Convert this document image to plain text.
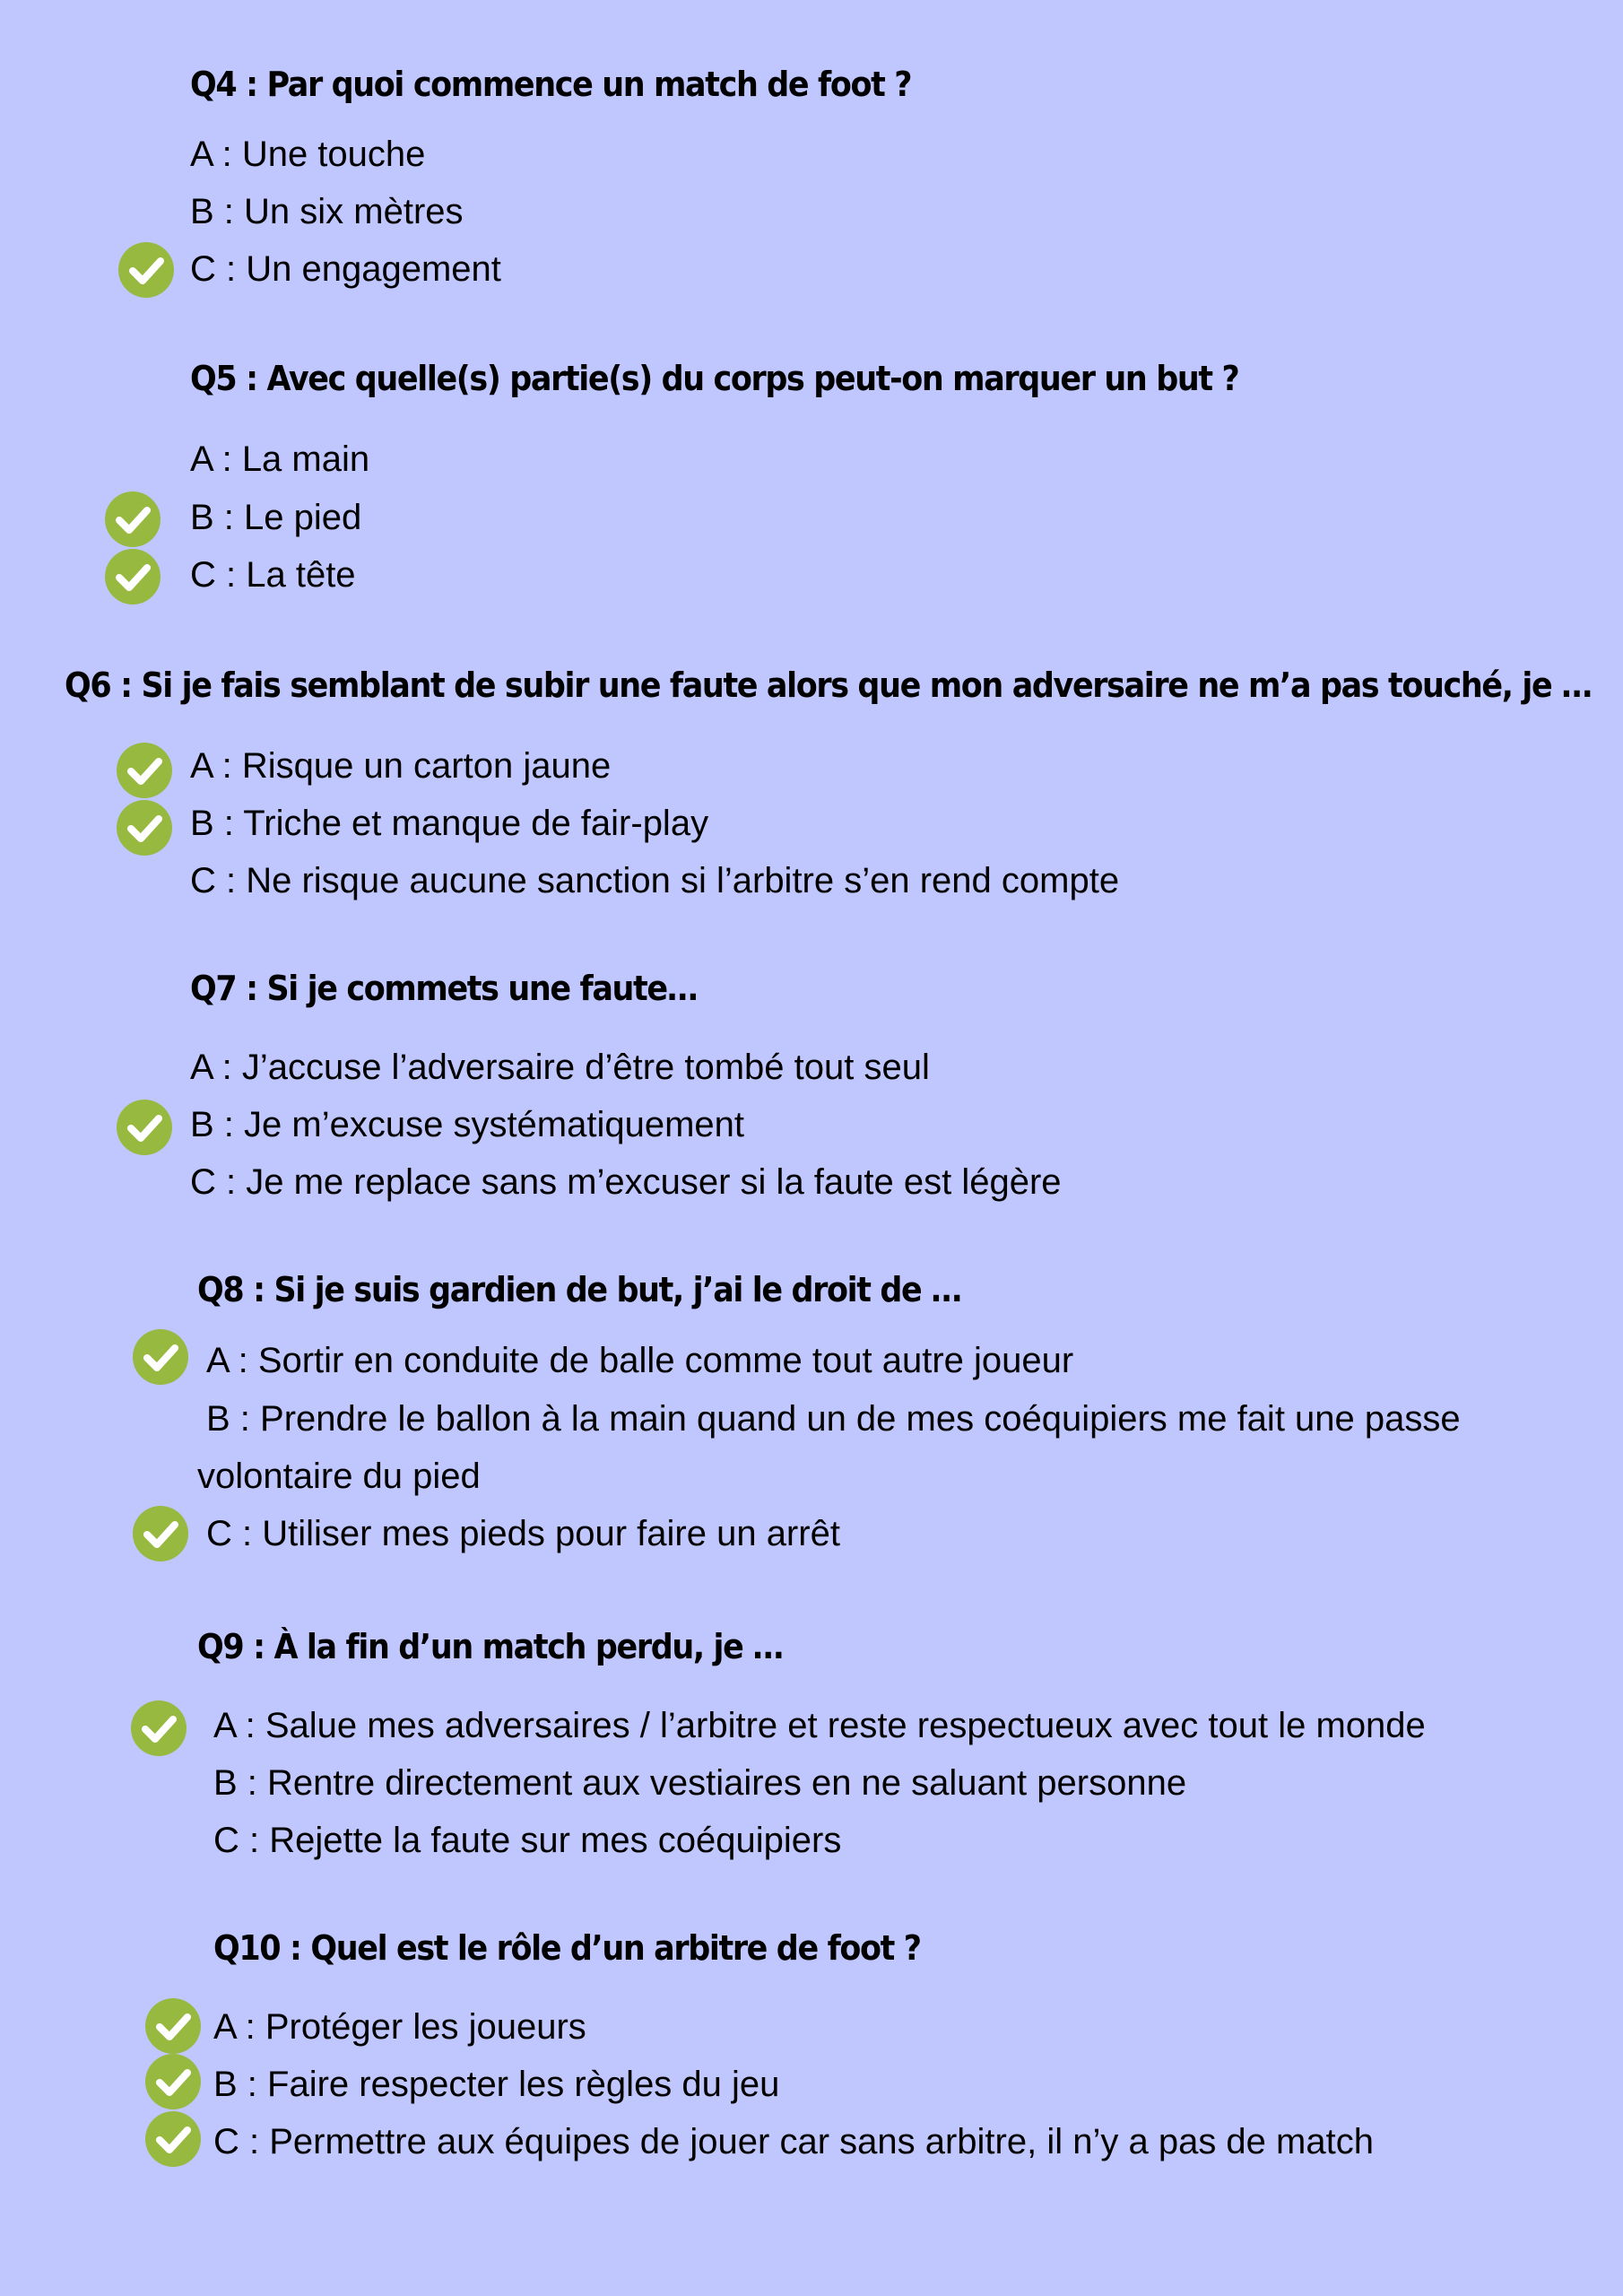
Q4 : Par quoi commence un match de foot ?
A : Une touche
B : Un six mètres
C : Un engagement
Q5 : Avec quelle(s) partie(s) du corps peut-on marquer un but ?
A : La main
B : Le pied
C : La tête
Q6 : Si je fais semblant de subir une faute alors que mon adversaire ne m’a pas touché, je …
A : Risque un carton jaune
B : Triche et manque de fair-play
C : Ne risque aucune sanction si l’arbitre s’en rend compte
Q7 : Si je commets une faute…
A : J’accuse l’adversaire d’être tombé tout seul
B : Je m’excuse systématiquement
C : Je me replace sans m’excuser si la faute est légère
Q8 : Si je suis gardien de but, j’ai le droit de …
A : Sortir en conduite de balle comme tout autre joueur
B : Prendre le ballon à la main quand un de mes coéquipiers me fait une passe
volontaire du pied
C : Utiliser mes pieds pour faire un arrêt
Q9 : À la fin d’un match perdu, je …
A : Salue mes adversaires / l’arbitre et reste respectueux avec tout le monde
B : Rentre directement aux vestiaires en ne saluant personne
C : Rejette la faute sur mes coéquipiers
Q10 : Quel est le rôle d’un arbitre de foot ?
A : Protéger les joueurs
B : Faire respecter les règles du jeu
C : Permettre aux équipes de jouer car sans arbitre, il n’y a pas de match
